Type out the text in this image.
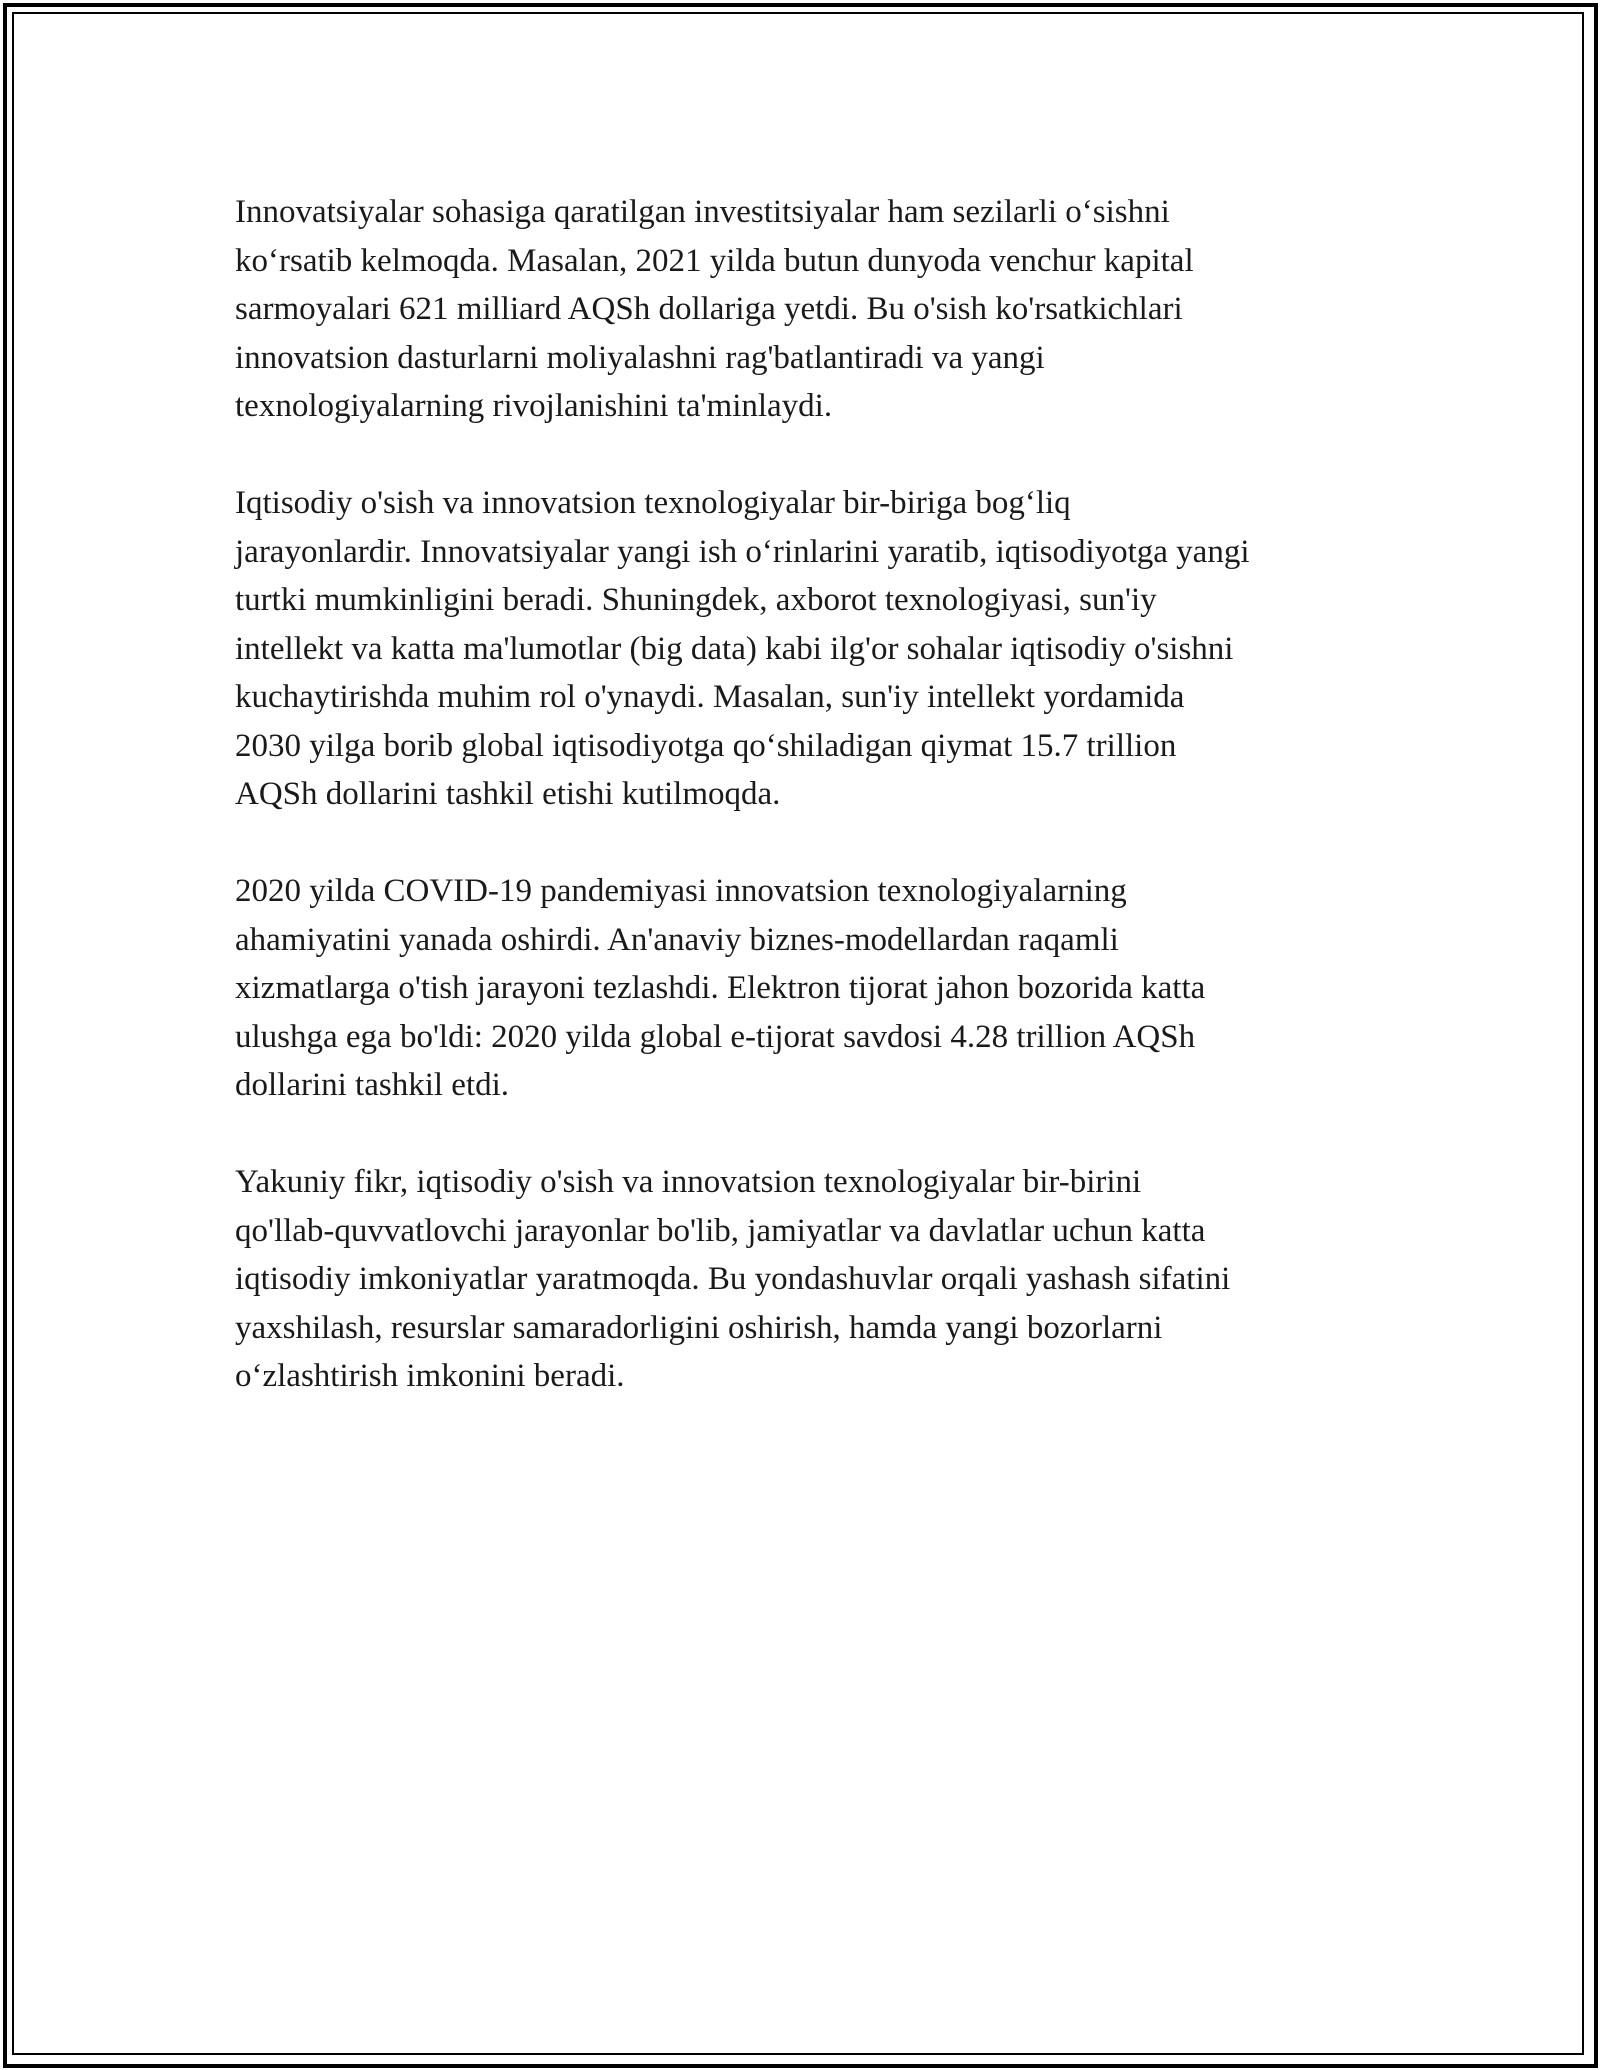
Innovatsiyalar sohasiga qaratilgan investitsiyalar ham sezilarli o‘sishni
ko‘rsatib kelmoqda. Masalan, 2021 yilda butun dunyoda venchur kapital
sarmoyalari 621 milliard AQSh dollariga yetdi. Bu o'sish ko'rsatkichlari
innovatsion dasturlarni moliyalashni rag'batlantiradi va yangi
texnologiyalarning rivojlanishini ta'minlaydi.

Iqtisodiy o'sish va innovatsion texnologiyalar bir-biriga bog‘liq
jarayonlardir. Innovatsiyalar yangi ish o‘rinlarini yaratib, iqtisodiyotga yangi
turtki mumkinligini beradi. Shuningdek, axborot texnologiyasi, sun'iy
intellekt va katta ma'lumotlar (big data) kabi ilg'or sohalar iqtisodiy o'sishni
kuchaytirishda muhim rol o'ynaydi. Masalan, sun'iy intellekt yordamida
2030 yilga borib global iqtisodiyotga qo‘shiladigan qiymat 15.7 trillion
AQSh dollarini tashkil etishi kutilmoqda.

2020 yilda COVID-19 pandemiyasi innovatsion texnologiyalarning
ahamiyatini yanada oshirdi. An'anaviy biznes-modellardan raqamli
xizmatlarga o'tish jarayoni tezlashdi. Elektron tijorat jahon bozorida katta
ulushga ega bo'ldi: 2020 yilda global e-tijorat savdosi 4.28 trillion AQSh
dollarini tashkil etdi.

Yakuniy fikr, iqtisodiy o'sish va innovatsion texnologiyalar bir-birini
qo'llab-quvvatlovchi jarayonlar bo'lib, jamiyatlar va davlatlar uchun katta
iqtisodiy imkoniyatlar yaratmoqda. Bu yondashuvlar orqali yashash sifatini
yaxshilash, resurslar samaradorligini oshirish, hamda yangi bozorlarni
o‘zlashtirish imkonini beradi.
